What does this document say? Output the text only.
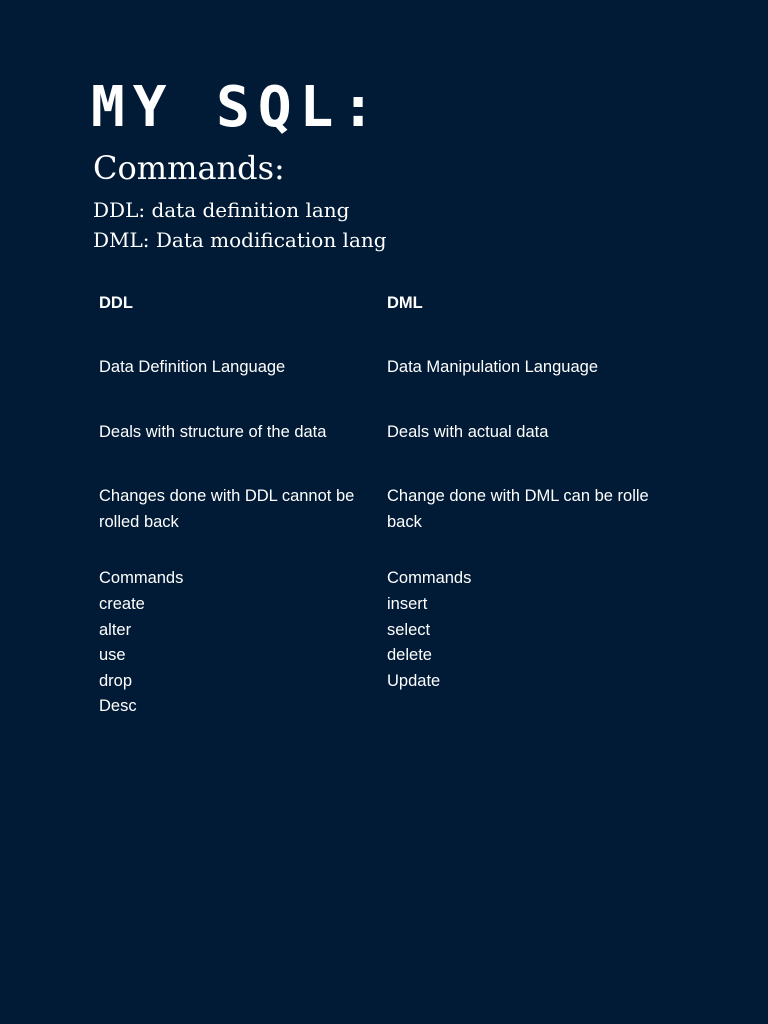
MY SQL:
Commands:
DDL: data definition lang
DML: Data modification lang

DDL

Data Definition Language

Deals with structure of the data

Changes done with DDL cannot be rolled back

Commands

create
alter
use
drop
Desc

DML

Data Manipulation Language

Deals with actual data

Change done with DML can be rolle back

Commands

insert
select
delete
Update
